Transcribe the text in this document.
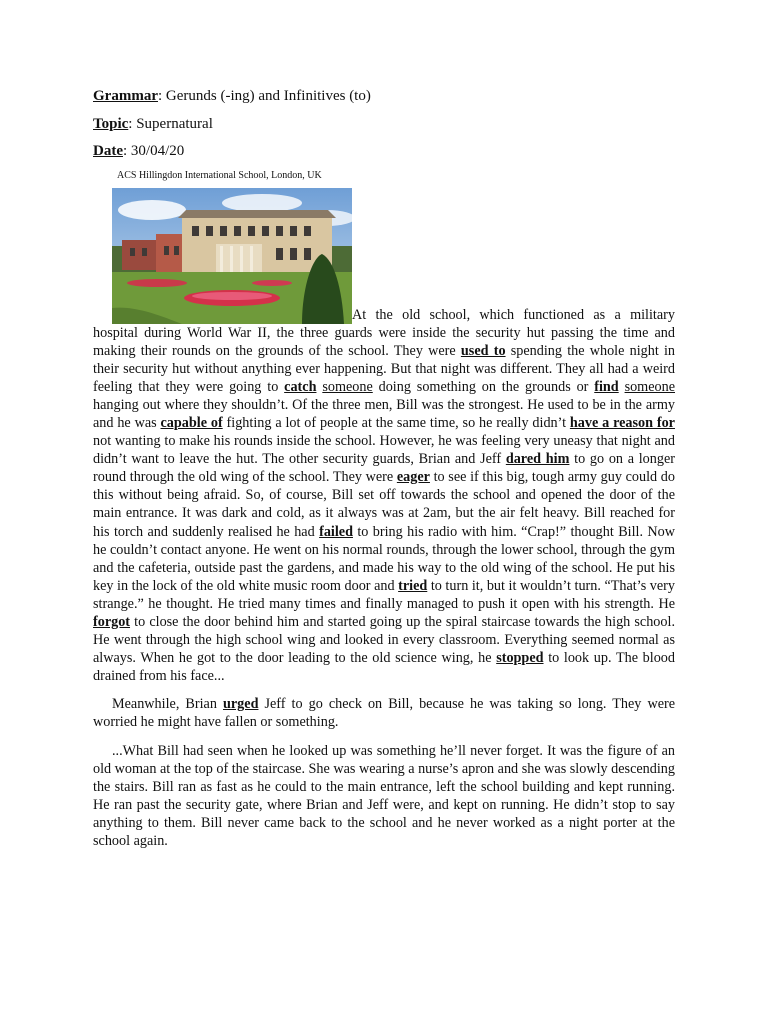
Grammar: Gerunds (-ing) and Infinitives (to)

Topic: Supernatural

Date: 30/04/20

ACS Hillingdon International School, London, UK

At the old school, which functioned as a military hospital during World War II, the three guards were inside the security hut passing the time and making their rounds on the grounds of the school. They were used to spending the whole night in their security hut without anything ever happening. But that night was different. They all had a weird feeling that they were going to catch someone doing something on the grounds or find someone hanging out where they shouldn’t. Of the three men, Bill was the strongest. He used to be in the army and he was capable of fighting a lot of people at the same time, so he really didn’t have a reason for not wanting to make his rounds inside the school. However, he was feeling very uneasy that night and didn’t want to leave the hut. The other security guards, Brian and Jeff dared him to go on a longer round through the old wing of the school. They were eager to see if this big, tough army guy could do this without being afraid. So, of course, Bill set off towards the school and opened the door of the main entrance. It was dark and cold, as it always was at 2am, but the air felt heavy. Bill reached for his torch and suddenly realised he had failed to bring his radio with him. “Crap!” thought Bill. Now he couldn’t contact anyone. He went on his normal rounds, through the lower school, through the gym and the cafeteria, outside past the gardens, and made his way to the old wing of the school. He put his key in the lock of the old white music room door and tried to turn it, but it wouldn’t turn. “That’s very strange.” he thought. He tried many times and finally managed to push it open with his strength. He forgot to close the door behind him and started going up the spiral staircase towards the high school. He went through the high school wing and looked in every classroom. Everything seemed normal as always. When he got to the door leading to the old science wing, he stopped to look up. The blood drained from his face...

Meanwhile, Brian urged Jeff to go check on Bill, because he was taking so long. They were worried he might have fallen or something.

...What Bill had seen when he looked up was something he’ll never forget. It was the figure of an old woman at the top of the staircase. She was wearing a nurse’s apron and she was slowly descending the stairs. Bill ran as fast as he could to the main entrance, left the school building and kept running. He ran past the security gate, where Brian and Jeff were, and kept on running. He didn’t stop to say anything to them. Bill never came back to the school and he never worked as a night porter at the school again.
